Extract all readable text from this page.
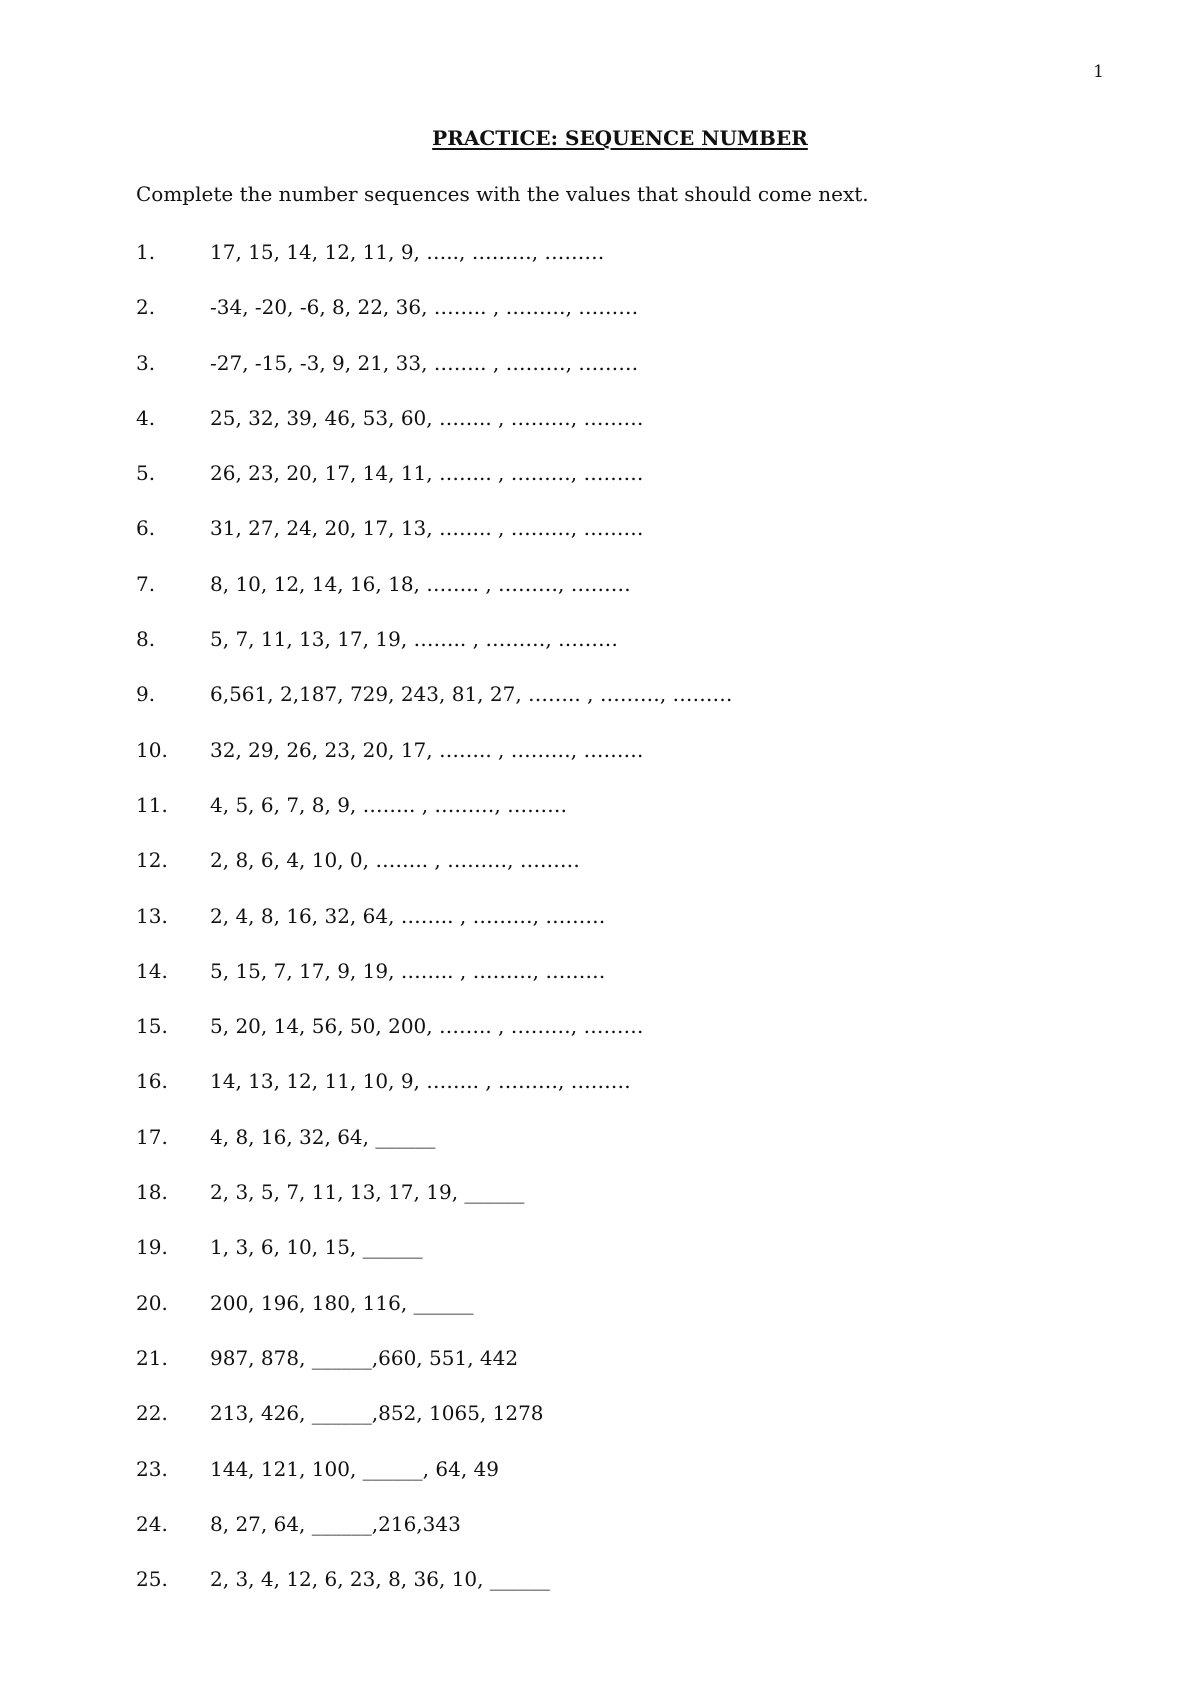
1
PRACTICE: SEQUENCE NUMBER
Complete the number sequences with the values that should come next.
1.	17, 15, 14, 12, 11, 9, ….., ………, ………
2.	-34, -20, -6, 8, 22, 36, …….. , ………, ………
3.	-27, -15, -3, 9, 21, 33, …….. , ………, ………
4.	25, 32, 39, 46, 53, 60, …….. , ………, ………
5.	26, 23, 20, 17, 14, 11, …….. , ………, ………
6.	31, 27, 24, 20, 17, 13, …….. , ………, ………
7.	8, 10, 12, 14, 16, 18, …….. , ………, ………
8.	5, 7, 11, 13, 17, 19, …….. , ………, ………
9.	6,561, 2,187, 729, 243, 81, 27, …….. , ………, ………
10.	32, 29, 26, 23, 20, 17, …….. , ………, ………
11.	4, 5, 6, 7, 8, 9, …….. , ………, ………
12.	2, 8, 6, 4, 10, 0, …….. , ………, ………
13.	2, 4, 8, 16, 32, 64, …….. , ………, ………
14.	5, 15, 7, 17, 9, 19, …….. , ………, ………
15.	5, 20, 14, 56, 50, 200, …….. , ………, ………
16.	14, 13, 12, 11, 10, 9, …….. , ………, ………
17.	4, 8, 16, 32, 64, ______
18.	2, 3, 5, 7, 11, 13, 17, 19, ______
19.	1, 3, 6, 10, 15, ______
20.	200, 196, 180, 116, ______
21.	987, 878, ______,660, 551, 442
22.	213, 426, ______,852, 1065, 1278
23.	144, 121, 100, ______, 64, 49
24.	8, 27, 64, ______,216,343
25.	2, 3, 4, 12, 6, 23, 8, 36, 10, ______
